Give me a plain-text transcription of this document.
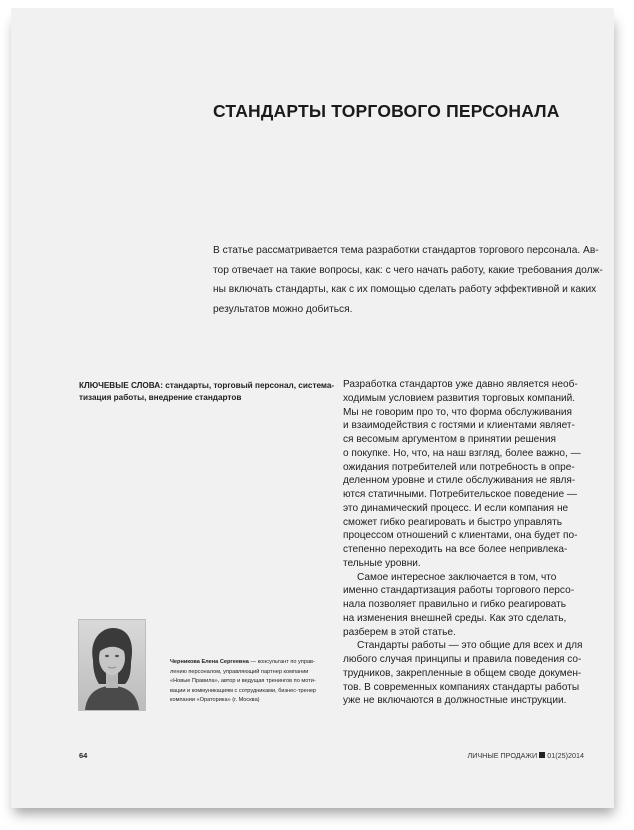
СТАНДАРТЫ ТОРГОВОГО ПЕРСОНАЛА

В статье рассматривается тема разработки стандартов торгового персонала. Ав-
тор отвечает на такие вопросы, как: с чего начать работу, какие требования долж-
ны включать стандарты, как с их помощью сделать работу эффективной и каких
результатов можно добиться.

КЛЮЧЕВЫЕ СЛОВА: стандарты, торговый персонал, система-
тизация работы, внедрение стандартов

Разработка стандартов уже давно является необ-
ходимым условием развития торговых компаний.
Мы не говорим про то, что форма обслуживания
и взаимодействия с гостями и клиентами являет-
ся весомым аргументом в принятии решения
о покупке. Но, что, на наш взгляд, более важно, —
ожидания потребителей или потребность в опре-
деленном уровне и стиле обслуживания не явля-
ются статичными. Потребительское поведение —
это динамический процесс. И если компания не
сможет гибко реагировать и быстро управлять
процессом отношений с клиентами, она будет по-
степенно переходить на все более непривлека-
тельные уровни.
Самое интересное заключается в том, что
именно стандартизация работы торгового персо-
нала позволяет правильно и гибко реагировать
на изменения внешней среды. Как это сделать,
разберем в этой статье.
Стандарты работы — это общие для всех и для
любого случая принципы и правила поведения со-
трудников, закрепленные в общем своде докумен-
тов. В современных компаниях стандарты работы
уже не включаются в должностные инструкции.
Черникова Елена Сергеевна — консультант по управ-
лению персоналом, управляющий партнер компании
«Новые Правила», автор и ведущая тренингов по моти-
вации и коммуникациям с сотрудниками, бизнес-тренер
компании «Ораторика» (г. Москва)
64	ЛИЧНЫЕ ПРОДАЖИ 01(25)2014
